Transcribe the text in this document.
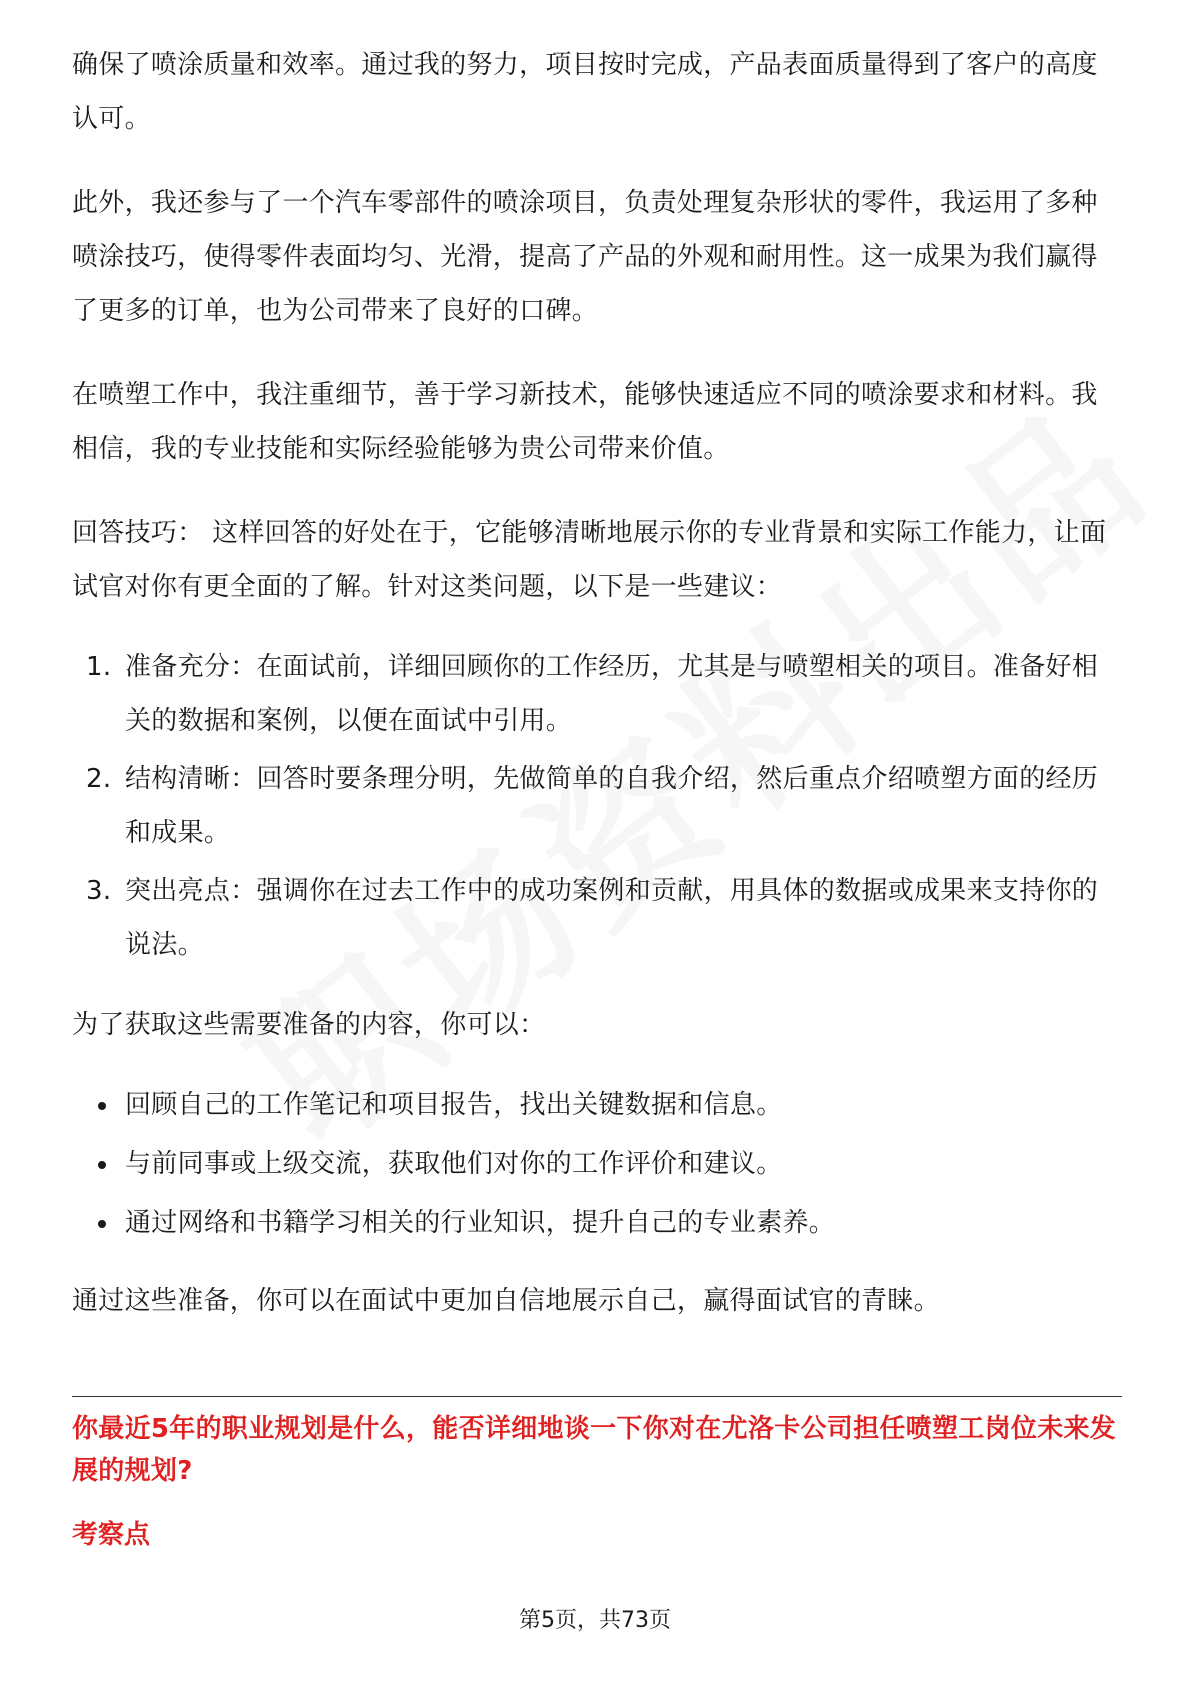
确保了喷涂质量和效率。通过我的努力，项目按时完成，产品表面质量得到了客户的高度认可。

此外，我还参与了一个汽车零部件的喷涂项目，负责处理复杂形状的零件，我运用了多种喷涂技巧，使得零件表面均匀、光滑，提高了产品的外观和耐用性。这一成果为我们赢得了更多的订单，也为公司带来了良好的口碑。

在喷塑工作中，我注重细节，善于学习新技术，能够快速适应不同的喷涂要求和材料。我相信，我的专业技能和实际经验能够为贵公司带来价值。

回答技巧： 这样回答的好处在于，它能够清晰地展示你的专业背景和实际工作能力，让面试官对你有更全面的了解。针对这类问题，以下是一些建议：

1. 准备充分：在面试前，详细回顾你的工作经历，尤其是与喷塑相关的项目。准备好相关的数据和案例，以便在面试中引用。
2. 结构清晰：回答时要条理分明，先做简单的自我介绍，然后重点介绍喷塑方面的经历和成果。
3. 突出亮点：强调你在过去工作中的成功案例和贡献，用具体的数据或成果来支持你的说法。

为了获取这些需要准备的内容，你可以：

回顾自己的工作笔记和项目报告，找出关键数据和信息。
与前同事或上级交流，获取他们对你的工作评价和建议。
通过网络和书籍学习相关的行业知识，提升自己的专业素养。

通过这些准备，你可以在面试中更加自信地展示自己，赢得面试官的青睐。

你最近5年的职业规划是什么，能否详细地谈一下你对在尤洛卡公司担任喷塑工岗位未来发展的规划?

考察点

第5页，共73页
